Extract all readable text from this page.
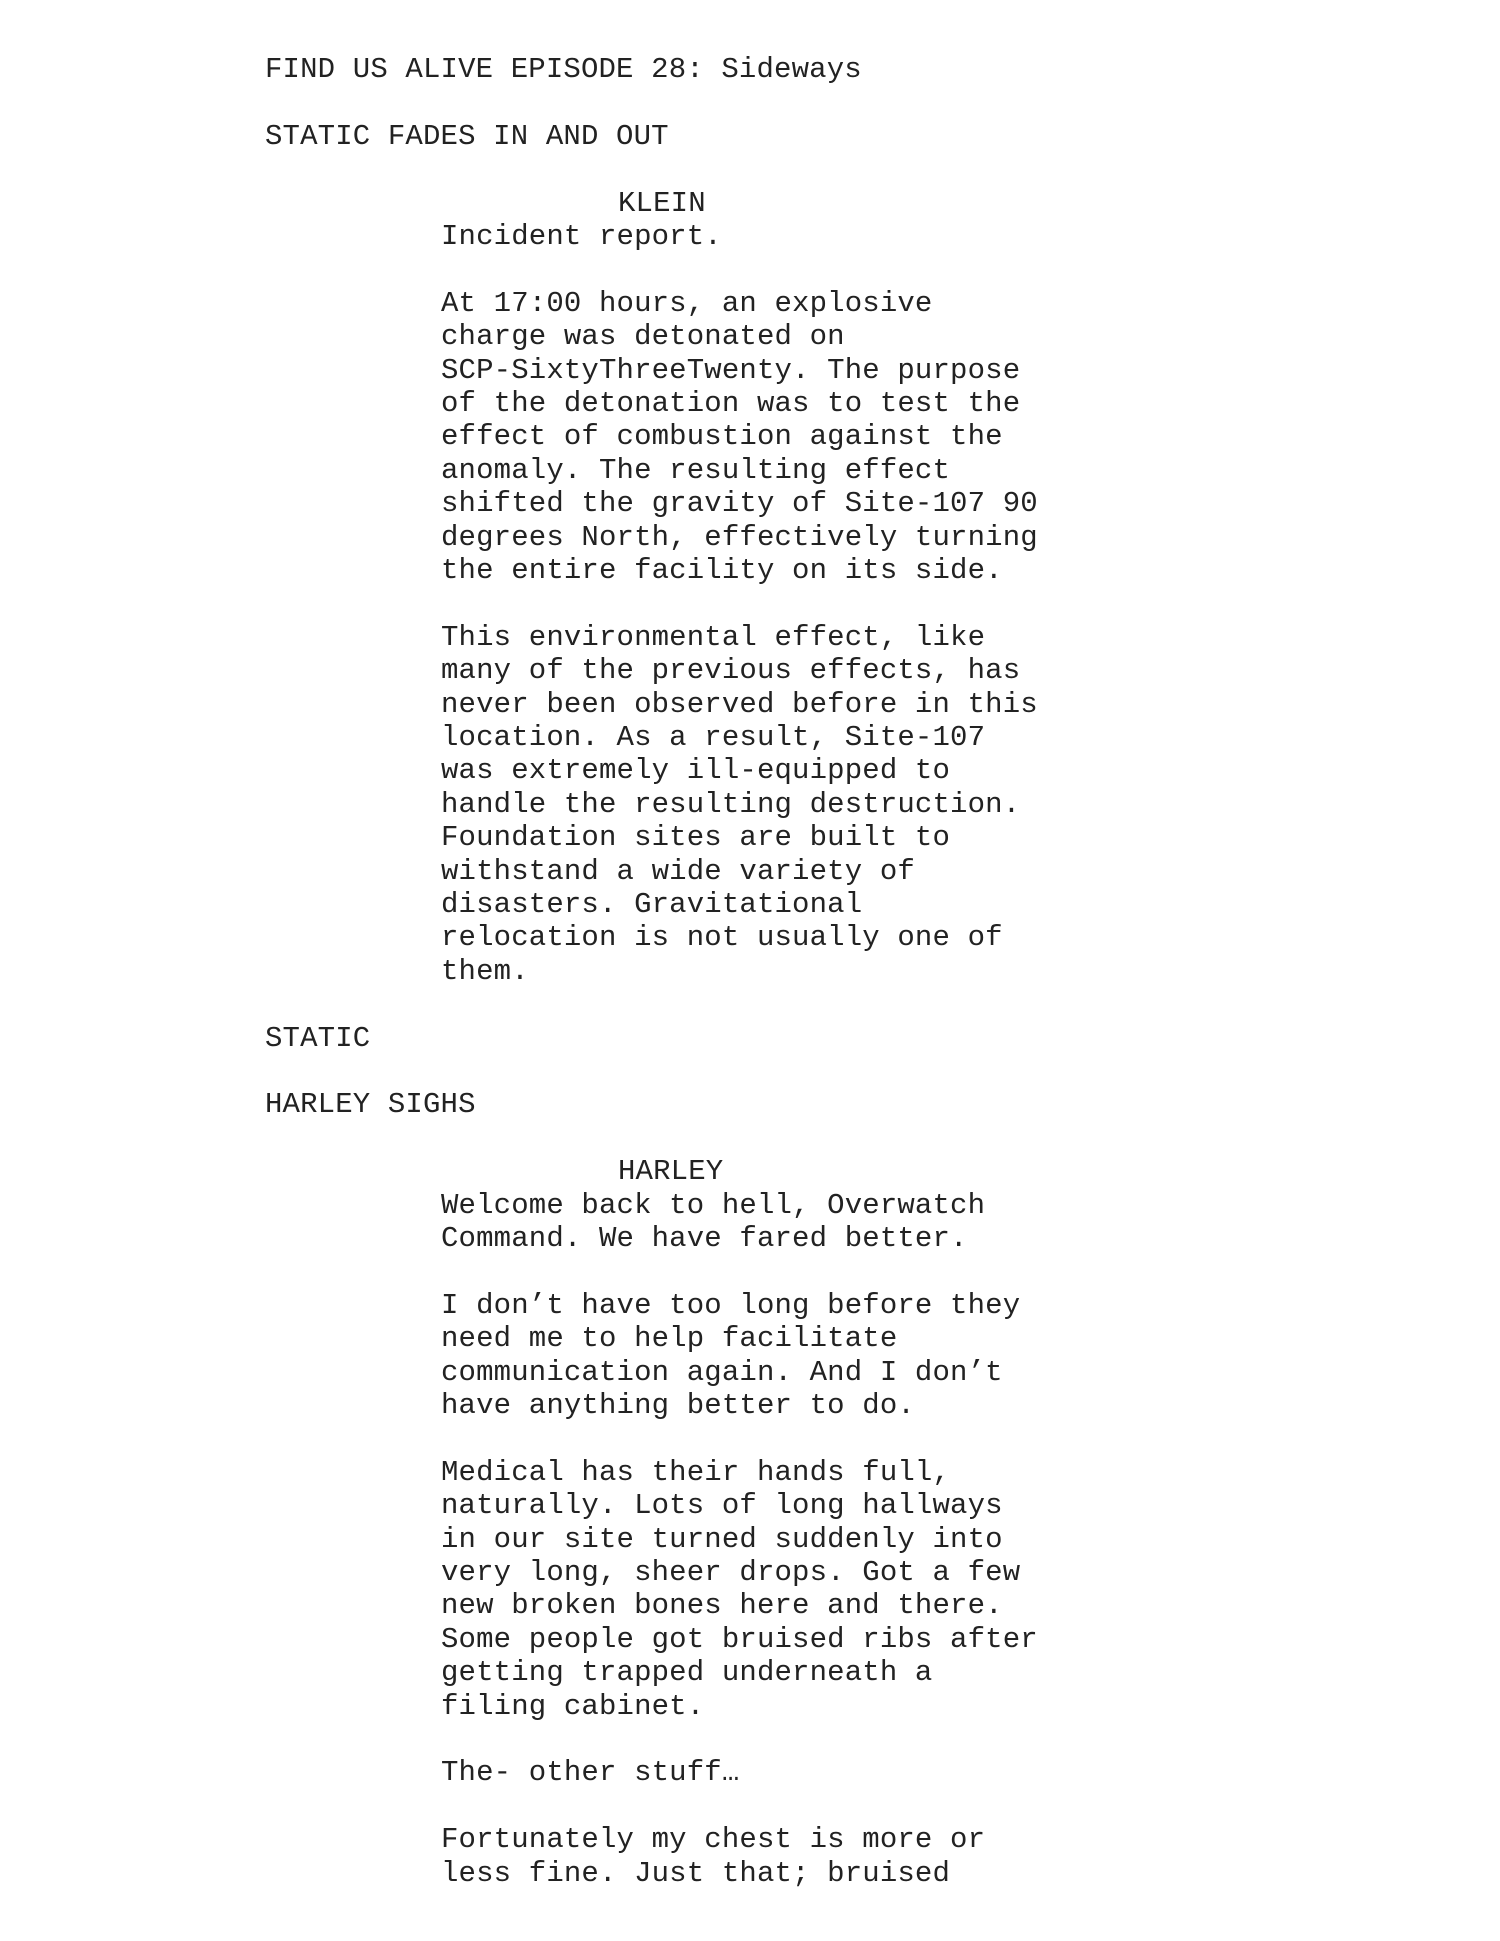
FIND US ALIVE EPISODE 28: Sideways

STATIC FADES IN AND OUT

KLEIN

Incident report.
At 17:00 hours, an explosive
charge was detonated on
SCP-SixtyThreeTwenty. The purpose
of the detonation was to test the
effect of combustion against the
anomaly. The resulting effect
shifted the gravity of Site-107 90
degrees North, effectively turning
the entire facility on its side.
This environmental effect, like
many of the previous effects, has
never been observed before in this
location. As a result, Site-107
was extremely ill-equipped to
handle the resulting destruction.
Foundation sites are built to
withstand a wide variety of
disasters. Gravitational
relocation is not usually one of
them.

STATIC

HARLEY SIGHS

HARLEY

Welcome back to hell, Overwatch
Command. We have fared better.
I don’t have too long before they
need me to help facilitate
communication again. And I don’t
have anything better to do.
Medical has their hands full,
naturally. Lots of long hallways
in our site turned suddenly into
very long, sheer drops. Got a few
new broken bones here and there.
Some people got bruised ribs after
getting trapped underneath a
filing cabinet.
The- other stuff…
Fortunately my chest is more or
less fine. Just that; bruised
